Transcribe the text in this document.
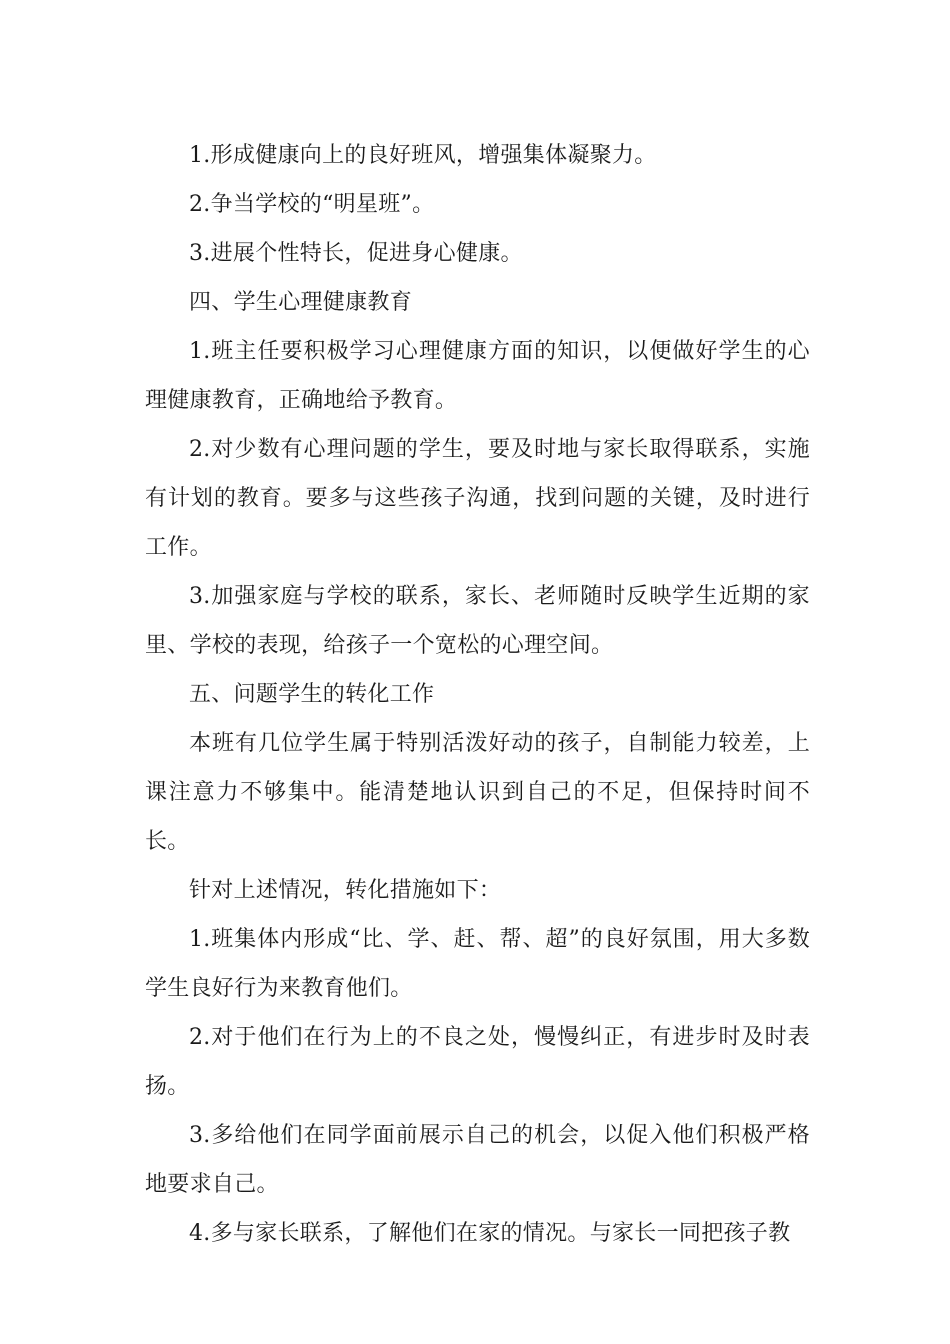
1.形成健康向上的良好班风，增强集体凝聚力。

2.争当学校的“明星班”。

3.进展个性特长，促进身心健康。

四、学生心理健康教育

1.班主任要积极学习心理健康方面的知识，以便做好学生的心理健康教育，正确地给予教育。

2.对少数有心理问题的学生，要及时地与家长取得联系，实施有计划的教育。要多与这些孩子沟通，找到问题的关键，及时进行工作。

3.加强家庭与学校的联系，家长、老师随时反映学生近期的家里、学校的表现，给孩子一个宽松的心理空间。

五、问题学生的转化工作

本班有几位学生属于特别活泼好动的孩子，自制能力较差，上课注意力不够集中。能清楚地认识到自己的不足，但保持时间不长。

针对上述情况，转化措施如下：

1.班集体内形成“比、学、赶、帮、超”的良好氛围，用大多数学生良好行为来教育他们。

2.对于他们在行为上的不良之处，慢慢纠正，有进步时及时表扬。

3.多给他们在同学面前展示自己的机会，以促入他们积极严格地要求自己。

4.多与家长联系，了解他们在家的情况。与家长一同把孩子教
